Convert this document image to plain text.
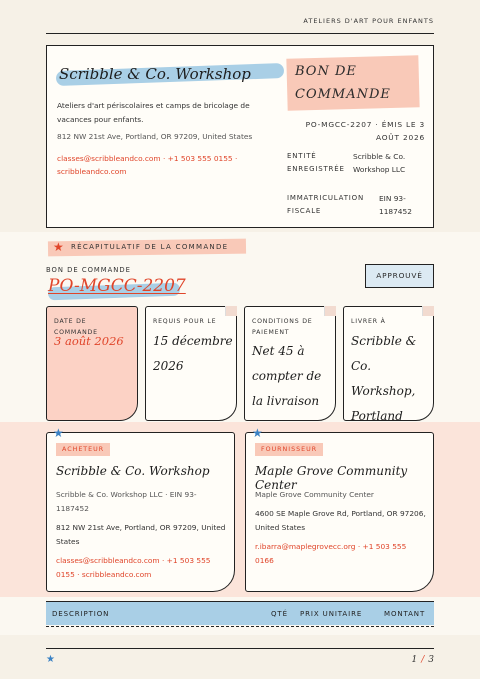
ATELIERS D'ART POUR ENFANTS
Scribble & Co. Workshop
Ateliers d'art périscolaires et camps de bricolage de vacances pour enfants.
812 NW 21st Ave, Portland, OR 97209, United States
classes@scribbleandco.com · +1 503 555 0155 · scribbleandco.com
BON DE COMMANDE
PO-MGCC-2207 · ÉMIS LE 3 AOÛT 2026
ENTITÉ ENREGISTRÉE
Scribble & Co. Workshop LLC
IMMATRICULATION FISCALE
EIN 93-1187452
★ RÉCAPITULATIF DE LA COMMANDE
BON DE COMMANDE
PO-MGCC-2207
APPROUVÉ
DATE DE COMMANDE
3 août 2026
REQUIS POUR LE
15 décembre 2026
CONDITIONS DE PAIEMENT
Net 45 à compter de la livraison
LIVRER À
Scribble & Co. Workshop, Portland
ACHETEUR
Scribble & Co. Workshop
Scribble & Co. Workshop LLC · EIN 93-1187452
812 NW 21st Ave, Portland, OR 97209, United States
classes@scribbleandco.com · +1 503 555 0155 · scribbleandco.com
★
FOURNISSEUR
Maple Grove Community Center
Maple Grove Community Center
4600 SE Maple Grove Rd, Portland, OR 97206, United States
r.ibarra@maplegrovecc.org · +1 503 555 0166
★
DESCRIPTION	QTÉ PRIX UNITAIRE	MONTANT
★	1 / 3
